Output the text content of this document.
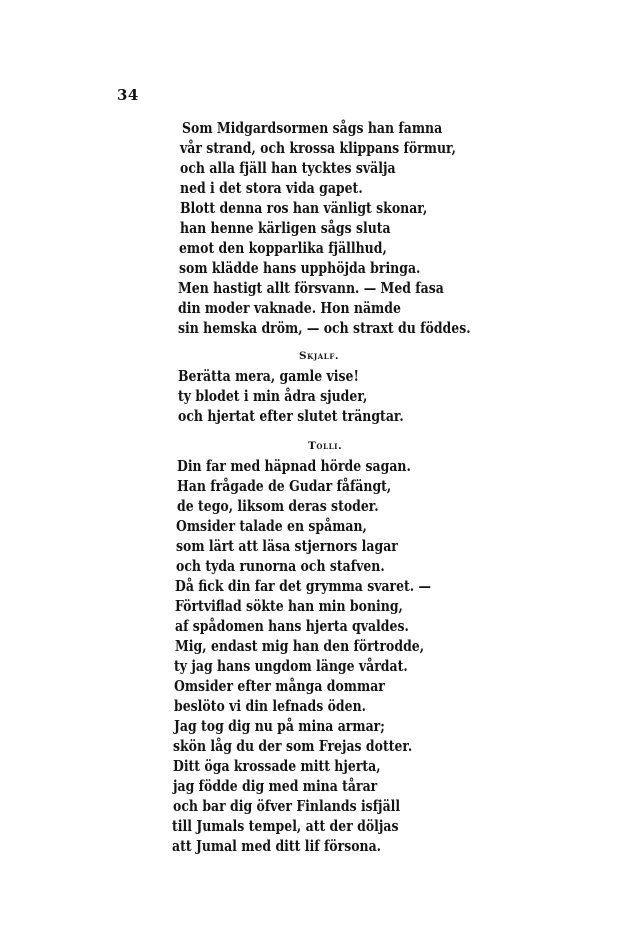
34
Som Midgardsormen sågs han famna
vår strand, och krossa klippans förmur,
och alla fjäll han tycktes svälja
ned i det stora vida gapet.
Blott denna ros han vänligt skonar,
han henne kärligen sågs sluta
emot den kopparlika fjällhud,
som klädde hans upphöjda bringa.
Men hastigt allt försvann. — Med fasa
din moder vaknade. Hon nämde
sin hemska dröm, — och straxt du föddes.
Skjalf.
Berätta mera, gamle vise!
ty blodet i min ådra sjuder,
och hjertat efter slutet trängtar.
Tolli.
Din far med häpnad hörde sagan.
Han frågade de Gudar fåfängt,
de tego, liksom deras stoder.
Omsider talade en spåman,
som lärt att läsa stjernors lagar
och tyda runorna och stafven.
Då fick din far det grymma svaret. —
Förtviflad sökte han min boning,
af spådomen hans hjerta qvaldes.
Mig, endast mig han den förtrodde,
ty jag hans ungdom länge vårdat.
Omsider efter många dommar
beslöto vi din lefnads öden.
Jag tog dig nu på mina armar;
skön låg du der som Frejas dotter.
Ditt öga krossade mitt hjerta,
jag födde dig med mina tårar
och bar dig öfver Finlands isfjäll
till Jumals tempel, att der döljas
att Jumal med ditt lif försona.
